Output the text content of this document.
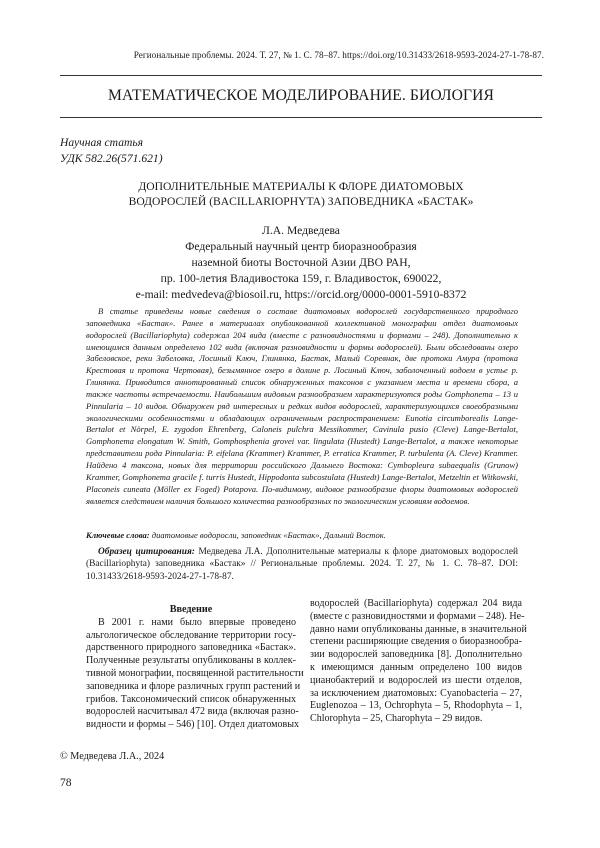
Региональные проблемы. 2024. Т. 27, № 1. С. 78–87. https://doi.org/10.31433/2618-9593-2024-27-1-78-87.
МАТЕМАТИЧЕСКОЕ МОДЕЛИРОВАНИЕ. БИОЛОГИЯ
Научная статья
УДК 582.26(571.621)
ДОПОЛНИТЕЛЬНЫЕ МАТЕРИАЛЫ К ФЛОРЕ ДИАТОМОВЫХ
ВОДОРОСЛЕЙ (BACILLARIOPHYTA) ЗАПОВЕДНИКА «БАСТАК»
Л.А. Медведева
Федеральный научный центр биоразнообразия
наземной биоты Восточной Азии ДВО РАН,
пр. 100-летия Владивостока 159, г. Владивосток, 690022,
e-mail: medvedeva@biosoil.ru, https://orcid.org/0000-0001-5910-8372

В статье приведены новые сведения о составе диатомовых водорослей государственного природного заповедника «Бастак». Ранее в материалах опубликованной коллективной монографии отдел диатомовых водорослей (Bacillariophyta) содержал 204 вида (вместе с разновидностями и формами – 248). Дополнительно к имеющимся данным определено 102 вида (включая разновидности и формы водорослей). Были обследованы озеро Забеловское, реки Забеловка, Лосиный Ключ, Глинянка, Бастак, Малый Соревнак, две протоки Амура (протока Крестовая и протока Чертовая), безымянное озеро в долине р. Лосиный Ключ, заболоченный водоем в устье р. Глинянка. Приводится аннотированный список обнаруженных таксонов с указанием места и времени сбора, а также частоты встречаемости. Наибольшим видовым разнообразием характеризуются роды Gomphonema – 13 и Pinnularia – 10 видов. Обнаружен ряд интересных и редких видов водорослей, характеризующихся своеобразными экологическими особенностями и обладающих ограниченным распространением: Eunotia circumborealis Lange-Bertalot et Nörpel, E. zygodon Ehrenberg, Caloneis pulchra Messikommer, Cavinula pusio (Cleve) Lange-Bertalot, Gomphonema elongatum W. Smith, Gomphosphenia grovei var. lingulata (Hustedt) Lange-Bertalot, а также некоторые представители рода Pinnularia: P. eifelana (Krammer) Krammer, P. erratica Krammer, P. turbulenta (A. Cleve) Krammer. Найдено 4 таксона, новых для территории российского Дальнего Востока: Cymbopleura subaequalis (Grunow) Krammer, Gomphonema gracile f. turris Hustedt, Hippodonta subcostulata (Hustedt) Lange-Bertalot, Metzeltin et Witkowski, Placoneis cuneata (Möller ex Foged) Potapova. По-видимому, видовое разнообразие флоры диатомовых водорослей является следствием наличия большого количества разнообразных по экологическим условиям водоемов.

Ключевые слова: диатомовые водоросли, заповедник «Бастак», Дальний Восток.

Образец цитирования: Медведева Л.А. Дополнительные материалы к флоре диатомовых водорослей (Bacillariophyta) заповедника «Бастак» // Региональные проблемы. 2024. Т. 27, № 1. С. 78–87. DOI: 10.31433/2618-9593-2024-27-1-78-87.

Введение
В 2001 г. нами было впервые проведено
альгологическое обследование территории госу-
дарственного природного заповедника «Бастак».
Полученные результаты опубликованы в коллек-
тивной монографии, посвященной растительности
заповедника и флоре различных групп растений и
грибов. Таксономический список обнаруженных
водорослей насчитывал 472 вида (включая разно-
видности и формы – 546) [10]. Отдел диатомовых
водорослей (Bacillariophyta) содержал 204 вида
(вместе с разновидностями и формами – 248). Не-
давно нами опубликованы данные, в значительной
степени расширяющие сведения о биоразнообра-
зии водорослей заповедника [8]. Дополнительно
к имеющимся данным определено 100 видов
цианобактерий и водорослей из шести отделов,
за исключением диатомовых: Cyanobacteria – 27,
Euglenozoa – 13, Ochrophyta – 5, Rhodophyta – 1,
Chlorophyta – 25, Charophyta – 29 видов.
© Медведева Л.А., 2024
78
